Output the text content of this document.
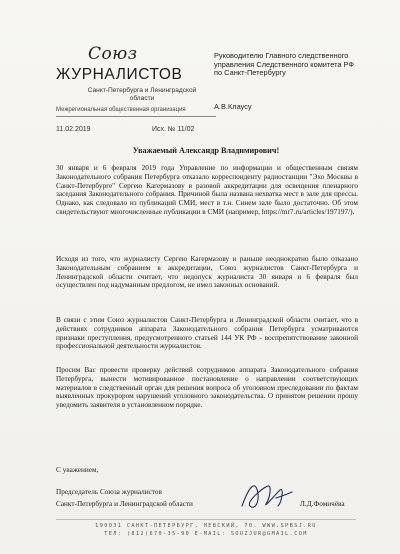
Союз
ЖУРНАЛИСТОВ
Санкт-Петербурга и Ленинградской области
Межрегиональная общественная организация
11.02.2019	Исх. № 11/02
Руководителю Главного следственного управления Следственного комитета РФ по Санкт-Петербургу
А.В.Клаусу
Уважаемый Александр Владимирович!

30 января и 6 февраля 2019 года Управление по информации и общественным связям Законодательного собрания Петербурга отказало корреспонденту радиостанции "Эхо Москвы в Санкт-Петербурге" Сергею Кагермазову в разовой аккредитации для освещения пленарного заседания Законодательного собрания. Причиной была названа нехватка мест в зале для прессы. Однако, как следовало из публикаций СМИ, мест в т.н. Синем зале было достаточно. Об этом свидетельствуют многочисленные публикации в СМИ (например, https://mr7.ru/articles/197197/).

Исходя из того, что журналисту Сергею Кагермазову и раньше неоднократно было отказано Законодательным собранием в аккредитации, Союз журналистов Санкт-Петербурга и Ленинградской области считает, что недопуск журналиста 30 января и 6 февраля был осуществлен под надуманным предлогом, не имел законных оснований.

В связи с этим Союз журналистов Санкт-Петербурга и Ленинградской области считает, что в действиях сотрудников аппарата Законодательного собрания Петербурга усматриваются признаки преступления, предусмотренного статьей 144 УК РФ - воспрепятствование законной профессиональной деятельности журналистов.

Просим Вас провести проверку действий сотрудников аппарата Законодательного собрания Петербурга, вынести мотивированное постановление о направлении соответствующих материалов в следственный орган для решения вопроса об уголовном преследовании по фактам выявленных прокурором нарушений уголовного законодательства. О принятом решении прошу уведомить заявителя в установленном порядке.

С уважением,
Председатель Союза журналистов
Санкт-Петербурга и Ленинградской области	Л.Д.Фомичёва
190031 САНКТ-ПЕТЕРБУРГ, НЕВСКИЙ, 70. WWW.SPBSJ.RU
ТЕЛ: (812)670-35-90 E-MAIL: SOUZJUR@GMAIL.COM
